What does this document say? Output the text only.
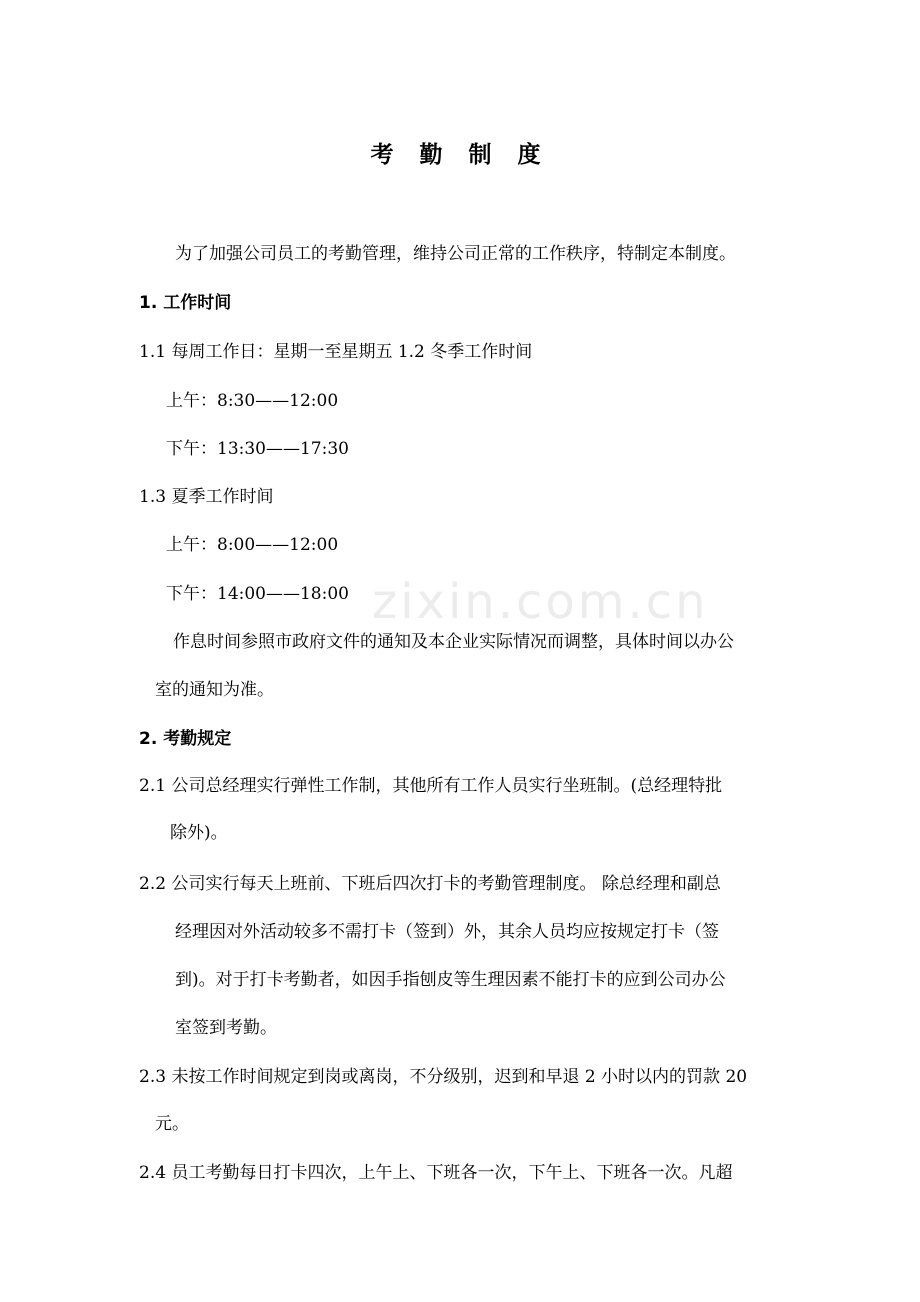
zixin.com.cn
考 勤 制 度
为了加强公司员工的考勤管理，维持公司正常的工作秩序，特制定本制度。
1. 工作时间
1.1 每周工作日：星期一至星期五 1.2 冬季工作时间
上午：8:30——12:00
下午：13:30——17:30
1.3 夏季工作时间
上午：8:00——12:00
下午：14:00——18:00
作息时间参照市政府文件的通知及本企业实际情况而调整，具体时间以办公
室的通知为准。
2. 考勤规定
2.1 公司总经理实行弹性工作制，其他所有工作人员实行坐班制。(总经理特批
除外)。
2.2 公司实行每天上班前、下班后四次打卡的考勤管理制度。 除总经理和副总
经理因对外活动较多不需打卡（签到）外，其余人员均应按规定打卡（签
到)。对于打卡考勤者，如因手指刨皮等生理因素不能打卡的应到公司办公
室签到考勤。
2.3 未按工作时间规定到岗或离岗，不分级别，迟到和早退 2 小时以内的罚款 20
元。
2.4 员工考勤每日打卡四次，上午上、下班各一次，下午上、下班各一次。凡超
